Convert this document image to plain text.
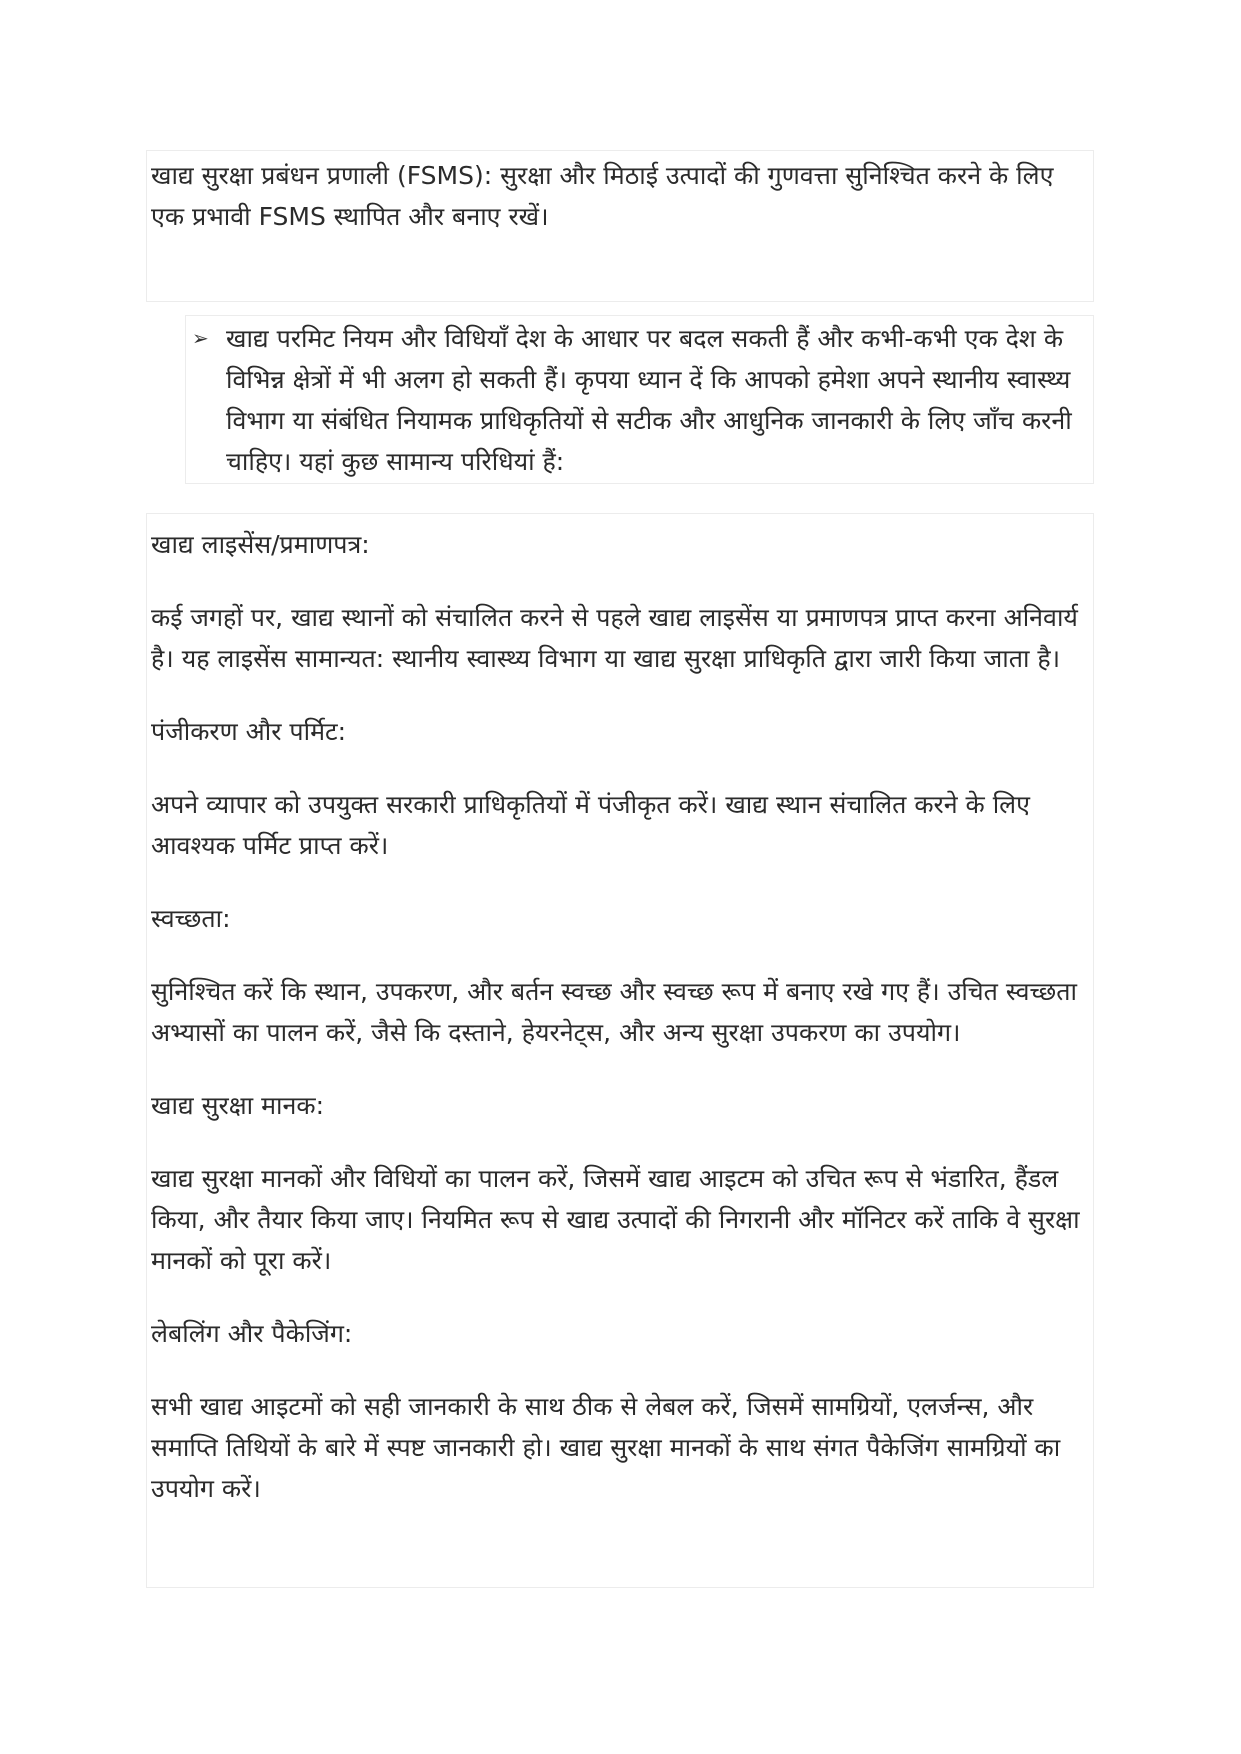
खाद्य सुरक्षा प्रबंधन प्रणाली (FSMS): सुरक्षा और मिठाई उत्पादों की गुणवत्ता सुनिश्चित करने के लिए एक प्रभावी FSMS स्थापित और बनाए रखें।

➢ खाद्य परमिट नियम और विधियाँ देश के आधार पर बदल सकती हैं और कभी-कभी एक देश के विभिन्न क्षेत्रों में भी अलग हो सकती हैं। कृपया ध्यान दें कि आपको हमेशा अपने स्थानीय स्वास्थ्य विभाग या संबंधित नियामक प्राधिकृतियों से सटीक और आधुनिक जानकारी के लिए जाँच करनी चाहिए। यहां कुछ सामान्य परिधियां हैं:

खाद्य लाइसेंस/प्रमाणपत्र:

कई जगहों पर, खाद्य स्थानों को संचालित करने से पहले खाद्य लाइसेंस या प्रमाणपत्र प्राप्त करना अनिवार्य है। यह लाइसेंस सामान्यत: स्थानीय स्वास्थ्य विभाग या खाद्य सुरक्षा प्राधिकृति द्वारा जारी किया जाता है।

पंजीकरण और पर्मिट:

अपने व्यापार को उपयुक्त सरकारी प्राधिकृतियों में पंजीकृत करें। खाद्य स्थान संचालित करने के लिए आवश्यक पर्मिट प्राप्त करें।

स्वच्छता:

सुनिश्चित करें कि स्थान, उपकरण, और बर्तन स्वच्छ और स्वच्छ रूप में बनाए रखे गए हैं। उचित स्वच्छता अभ्यासों का पालन करें, जैसे कि दस्ताने, हेयरनेट्स, और अन्य सुरक्षा उपकरण का उपयोग।

खाद्य सुरक्षा मानक:

खाद्य सुरक्षा मानकों और विधियों का पालन करें, जिसमें खाद्य आइटम को उचित रूप से भंडारित, हैंडल किया, और तैयार किया जाए। नियमित रूप से खाद्य उत्पादों की निगरानी और मॉनिटर करें ताकि वे सुरक्षा मानकों को पूरा करें।

लेबलिंग और पैकेजिंग:

सभी खाद्य आइटमों को सही जानकारी के साथ ठीक से लेबल करें, जिसमें सामग्रियों, एलर्जन्स, और समाप्ति तिथियों के बारे में स्पष्ट जानकारी हो। खाद्य सुरक्षा मानकों के साथ संगत पैकेजिंग सामग्रियों का उपयोग करें।
